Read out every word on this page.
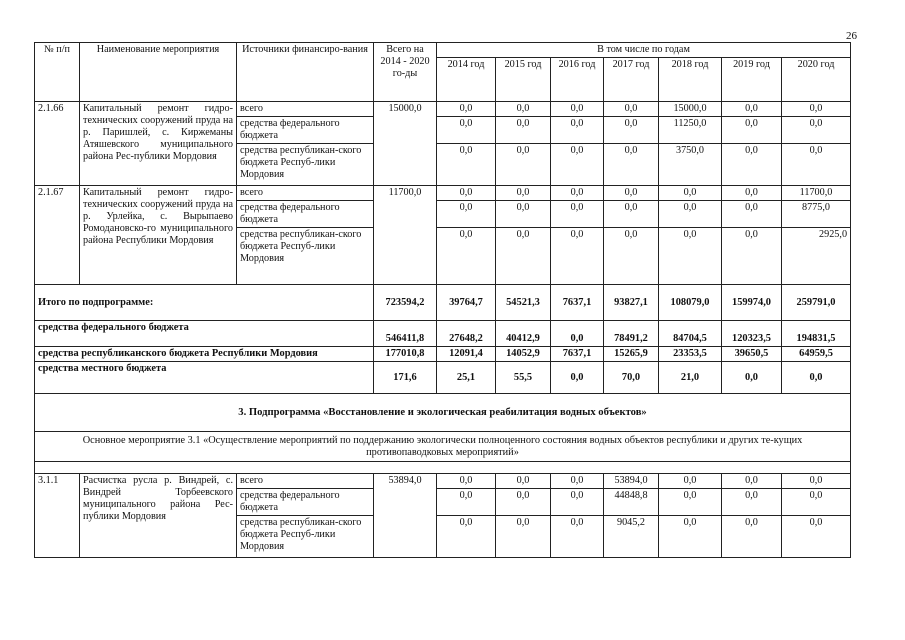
26
№ п/п	Наименование мероприятия	Источники финансиро-вания	Всего на 2014 - 2020 го-ды	В том числе по годам						
				2014 год	2015 год	2016 год	2017 год	2018 год	2019 год	2020 год
2.1.66	Капитальный ремонт гидро-технических сооружений пруда на р. Паришлей, с. Киржеманы Атяшевского муниципального района Рес-публики Мордовия	всего	15000,0	0,0	0,0	0,0	0,0	15000,0	0,0	0,0
		средства федерального бюджета		0,0	0,0	0,0	0,0	11250,0	0,0	0,0
		средства республикан-ского бюджета Респуб-лики Мордовия		0,0	0,0	0,0	0,0	3750,0	0,0	0,0
2.1.67	Капитальный ремонт гидро-технических сооружений пруда на р. Урлейка, с. Вырыпаево Ромодановско-го муниципального района Республики Мордовия	всего	11700,0	0,0	0,0	0,0	0,0	0,0	0,0	11700,0
		средства федерального бюджета		0,0	0,0	0,0	0,0	0,0	0,0	8775,0
		средства республикан-ского бюджета Респуб-лики Мордовия		0,0	0,0	0,0	0,0	0,0	0,0	2925,0
Итого по подпрограмме:			723594,2	39764,7	54521,3	7637,1	93827,1	108079,0	159974,0	259791,0
средства федерального бюджета			546411,8	27648,2	40412,9	0,0	78491,2	84704,5	120323,5	194831,5
средства республиканского бюджета Республики Мордовия			177010,8	12091,4	14052,9	7637,1	15265,9	23353,5	39650,5	64959,5
средства местного бюджета			171,6	25,1	55,5	0,0	70,0	21,0	0,0	0,0
3. Подпрограмма «Восстановление и экологическая реабилитация водных объектов»										
Основное мероприятие 3.1 «Осуществление мероприятий по поддержанию экологически полноценного состояния водных объектов республики и других те-кущих противопаводковых мероприятий»										

3.1.1	Расчистка русла р. Виндрей, с. Виндрей Торбеевского муниципального района Рес-публики Мордовия	всего	53894,0	0,0	0,0	0,0	53894,0	0,0	0,0	0,0
		средства федерального бюджета		0,0	0,0	0,0	44848,8	0,0	0,0	0,0
		средства республикан-ского бюджета Респуб-лики Мордовия		0,0	0,0	0,0	9045,2	0,0	0,0	0,0
